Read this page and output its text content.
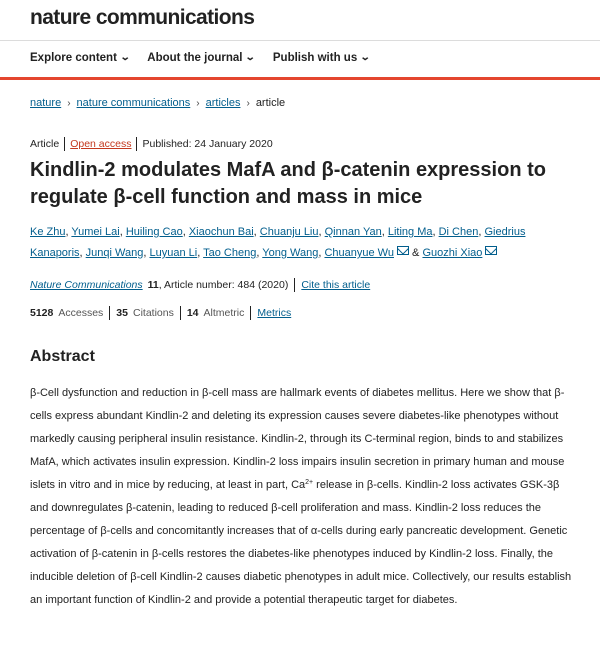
nature communications
Explore content ⌄ About the journal ⌄ Publish with us ⌄
nature › nature communications › articles › article
Article Open access Published: 24 January 2020
Kindlin-2 modulates MafA and β-catenin expression to regulate β-cell function and mass in mice
Ke Zhu, Yumei Lai, Huiling Cao, Xiaochun Bai, Chuanju Liu, Qinnan Yan, Liting Ma, Di Chen, Giedrius Kanaporis, Junqi Wang, Luyuan Li, Tao Cheng, Yong Wang, Chuanyue Wu & Guozhi Xiao
Nature Communications 11 , Article number: 484 (2020) Cite this article
5128 Accesses 35 Citations 14 Altmetric Metrics
Abstract

β-Cell dysfunction and reduction in β-cell mass are hallmark events of diabetes mellitus. Here we show that β-cells express abundant Kindlin-2 and deleting its expression causes severe diabetes-like phenotypes without markedly causing peripheral insulin resistance. Kindlin-2, through its C-terminal region, binds to and stabilizes MafA, which activates insulin expression. Kindlin-2 loss impairs insulin secretion in primary human and mouse islets in vitro and in mice by reducing, at least in part, $Ca^{2+}$ release in β-cells. Kindlin-2 loss activates GSK-3β and downregulates β-catenin, leading to reduced β-cell proliferation and mass. Kindlin-2 loss reduces the percentage of β-cells and concomitantly increases that of α-cells during early pancreatic development. Genetic activation of β-catenin in β-cells restores the diabetes-like phenotypes induced by Kindlin-2 loss. Finally, the inducible deletion of β-cell Kindlin-2 causes diabetic phenotypes in adult mice. Collectively, our results establish an important function of Kindlin-2 and provide a potential therapeutic target for diabetes.
